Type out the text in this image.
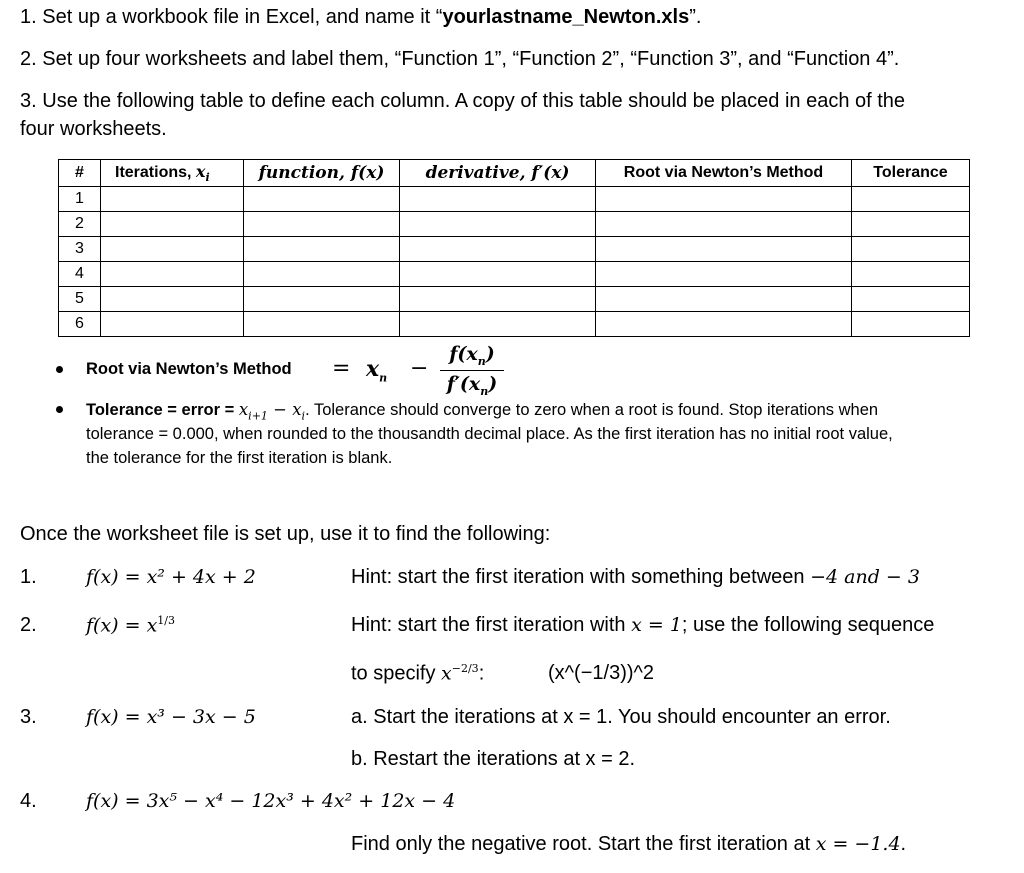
1. Set up a workbook file in Excel, and name it “yourlastname_Newton.xls”.
2. Set up four worksheets and label them, “Function 1”, “Function 2”, “Function 3”, and “Function 4”.
3. Use the following table to define each column. A copy of this table should be placed in each of the
four worksheets.
#	Iterations, $x_i$	function, f(x)	derivative, f′(x)	Root via Newton’s Method	Tolerance
1					
2					
3					
4					
5					
6					
Root via Newton’s Method = $x_n$ −
$f(x_n)$
$f'(x_n)$
Tolerance = error = $x_{i+1} - x_i$. Tolerance should converge to zero when a root is found. Stop iterations when
tolerance = 0.000, when rounded to the thousandth decimal place. As the first iteration has no initial root value,
the tolerance for the first iteration is blank.
Once the worksheet file is set up, use it to find the following:
1.	f(x) = x² + 4x + 2	Hint: start the first iteration with something between −4 and − 3
2.	$f(x) = x^{1/3}$	Hint: start the first iteration with x = 1; use the following sequence
to specify $x^{-2/3}$:	(x^(−1/3))^2
3.	f(x) = x³ − 3x − 5	a. Start the iterations at x = 1. You should encounter an error.
b. Restart the iterations at x = 2.
4.	f(x) = 3x⁵ − x⁴ − 12x³ + 4x² + 12x − 4
Find only the negative root. Start the first iteration at x = −1.4.
